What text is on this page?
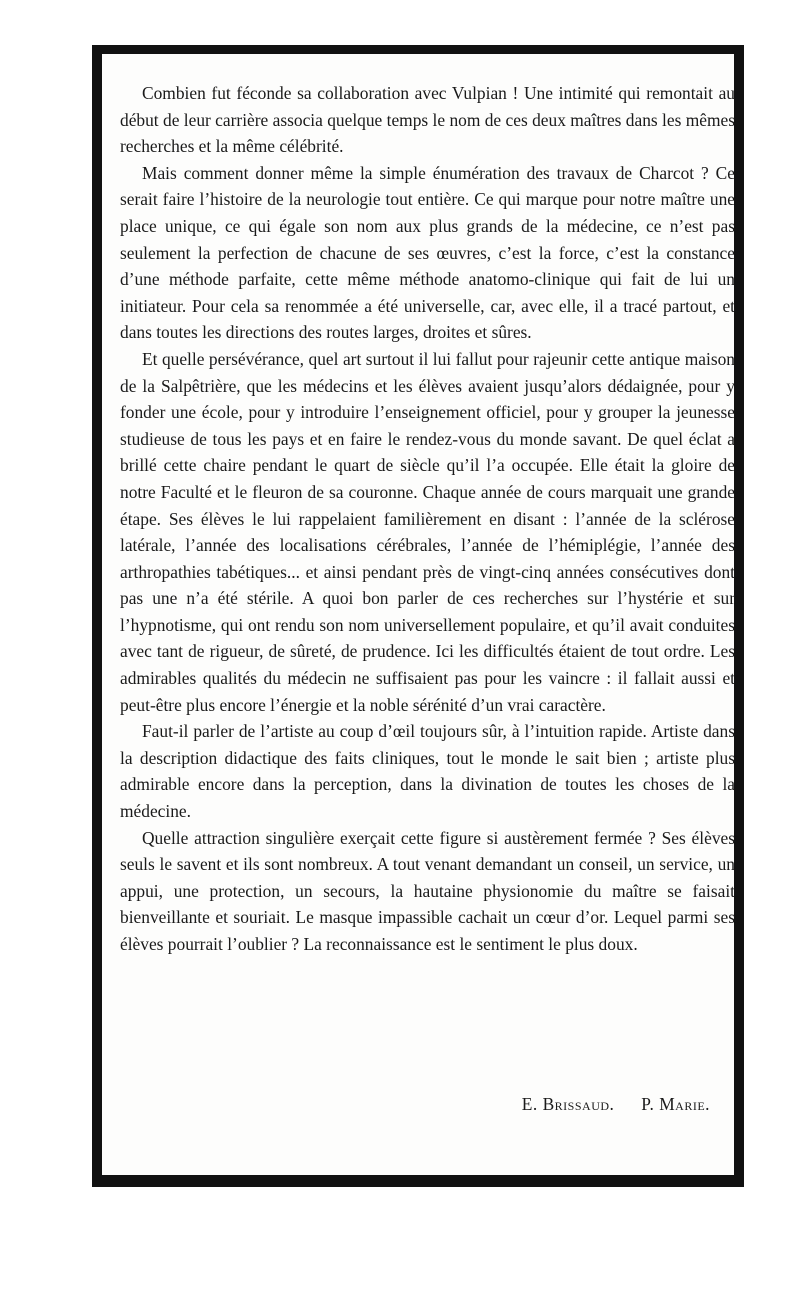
Combien fut féconde sa collaboration avec Vulpian ! Une intimité qui remontait au début de leur carrière associa quelque temps le nom de ces deux maîtres dans les mêmes recherches et la même célébrité.

Mais comment donner même la simple énumération des travaux de Charcot ? Ce serait faire l’histoire de la neurologie tout entière. Ce qui marque pour notre maître une place unique, ce qui égale son nom aux plus grands de la médecine, ce n’est pas seulement la perfection de chacune de ses œuvres, c’est la force, c’est la constance d’une méthode parfaite, cette même méthode anatomo-clinique qui fait de lui un initiateur. Pour cela sa renommée a été universelle, car, avec elle, il a tracé partout, et dans toutes les directions des routes larges, droites et sûres.

Et quelle persévérance, quel art surtout il lui fallut pour rajeunir cette antique maison de la Salpêtrière, que les médecins et les élèves avaient jusqu’alors dédaignée, pour y fonder une école, pour y introduire l’enseignement officiel, pour y grouper la jeunesse studieuse de tous les pays et en faire le rendez-vous du monde savant. De quel éclat a brillé cette chaire pendant le quart de siècle qu’il l’a occupée. Elle était la gloire de notre Faculté et le fleuron de sa couronne. Chaque année de cours marquait une grande étape. Ses élèves le lui rappelaient familièrement en disant : l’année de la sclérose latérale, l’année des localisations cérébrales, l’année de l’hémiplégie, l’année des arthropathies tabétiques... et ainsi pendant près de vingt-cinq années consécutives dont pas une n’a été stérile. A quoi bon parler de ces recherches sur l’hystérie et sur l’hypnotisme, qui ont rendu son nom universellement populaire, et qu’il avait conduites avec tant de rigueur, de sûreté, de prudence. Ici les difficultés étaient de tout ordre. Les admirables qualités du médecin ne suffisaient pas pour les vaincre : il fallait aussi et peut-être plus encore l’énergie et la noble sérénité d’un vrai caractère.

Faut-il parler de l’artiste au coup d’œil toujours sûr, à l’intuition rapide. Artiste dans la description didactique des faits cliniques, tout le monde le sait bien ; artiste plus admirable encore dans la perception, dans la divination de toutes les choses de la médecine.

Quelle attraction singulière exerçait cette figure si austèrement fermée ? Ses élèves seuls le savent et ils sont nombreux. A tout venant demandant un conseil, un service, un appui, une protection, un secours, la hautaine physionomie du maître se faisait bienveillante et souriait. Le masque impassible cachait un cœur d’or. Lequel parmi ses élèves pourrait l’oublier ? La reconnaissance est le sentiment le plus doux.

E. Brissaud. P. Marie.
